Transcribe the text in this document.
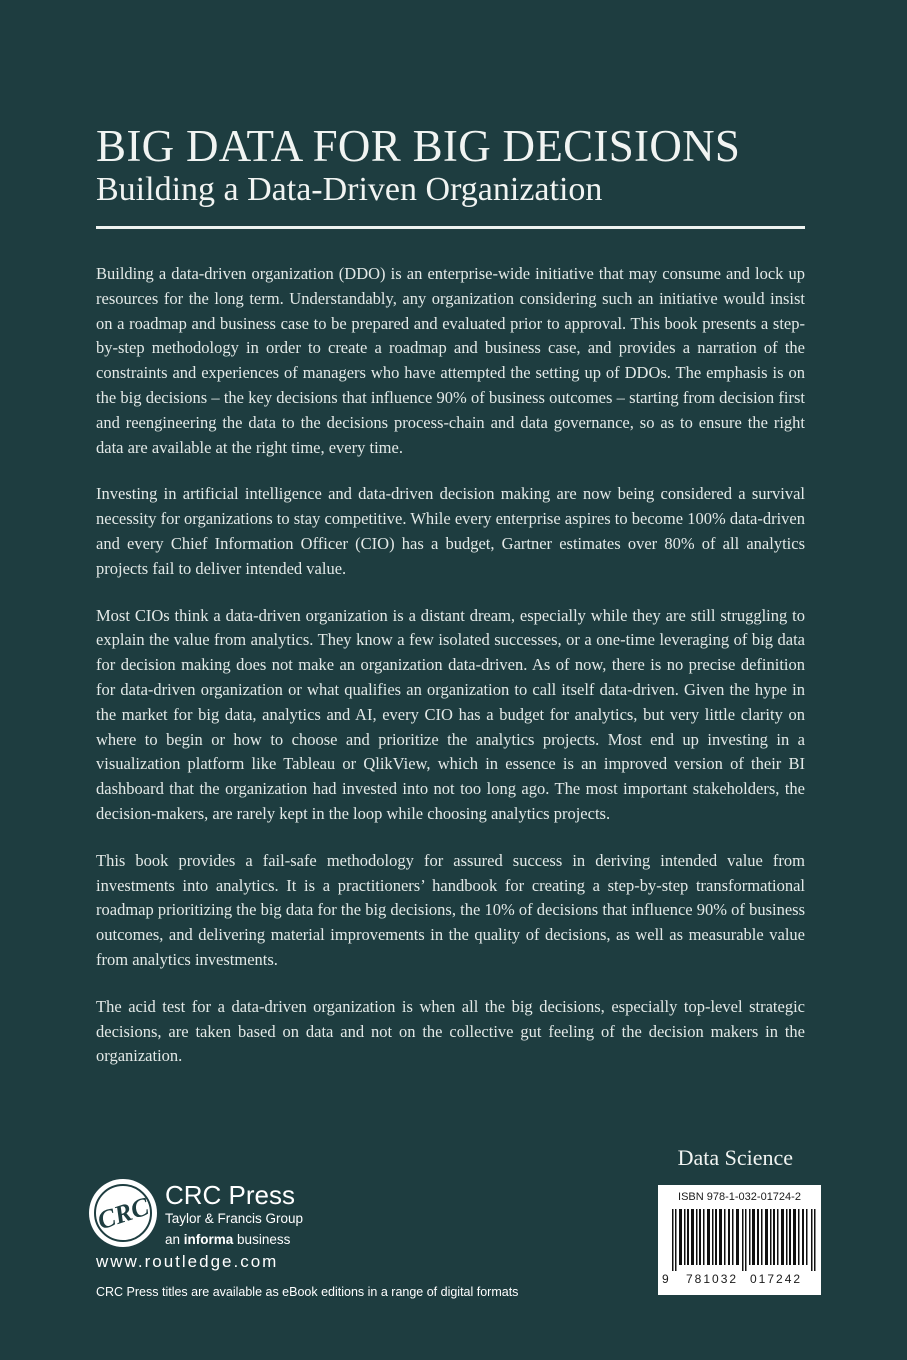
BIG DATA FOR BIG DECISIONS
Building a Data-Driven Organization

Building a data-driven organization (DDO) is an enterprise-wide initiative that may consume and lock up resources for the long term. Understandably, any organization considering such an initiative would insist on a roadmap and business case to be prepared and evaluated prior to approval. This book presents a step-by-step methodology in order to create a roadmap and business case, and provides a narration of the constraints and experiences of managers who have attempted the setting up of DDOs. The emphasis is on the big decisions – the key decisions that influence 90% of business outcomes – starting from decision first and reengineering the data to the decisions process-chain and data governance, so as to ensure the right data are available at the right time, every time.

Investing in artificial intelligence and data-driven decision making are now being considered a survival necessity for organizations to stay competitive. While every enterprise aspires to become 100% data-driven and every Chief Information Officer (CIO) has a budget, Gartner estimates over 80% of all analytics projects fail to deliver intended value.

Most CIOs think a data-driven organization is a distant dream, especially while they are still struggling to explain the value from analytics. They know a few isolated successes, or a one-time leveraging of big data for decision making does not make an organization data-driven. As of now, there is no precise definition for data-driven organization or what qualifies an organization to call itself data-driven. Given the hype in the market for big data, analytics and AI, every CIO has a budget for analytics, but very little clarity on where to begin or how to choose and prioritize the analytics projects. Most end up investing in a visualization platform like Tableau or QlikView, which in essence is an improved version of their BI dashboard that the organization had invested into not too long ago. The most important stakeholders, the decision-makers, are rarely kept in the loop while choosing analytics projects.

This book provides a fail-safe methodology for assured success in deriving intended value from investments into analytics. It is a practitioners’ handbook for creating a step-by-step transformational roadmap prioritizing the big data for the big decisions, the 10% of decisions that influence 90% of business outcomes, and delivering material improvements in the quality of decisions, as well as measurable value from analytics investments.

The acid test for a data-driven organization is when all the big decisions, especially top-level strategic decisions, are taken based on data and not on the collective gut feeling of the decision makers in the organization.

Data Science
ISBN 978-1-032-01724-2
9 781032 017242
CRC CRC Press
Taylor & Francis Group
an informa business
www.routledge.com
CRC Press titles are available as eBook editions in a range of digital formats
